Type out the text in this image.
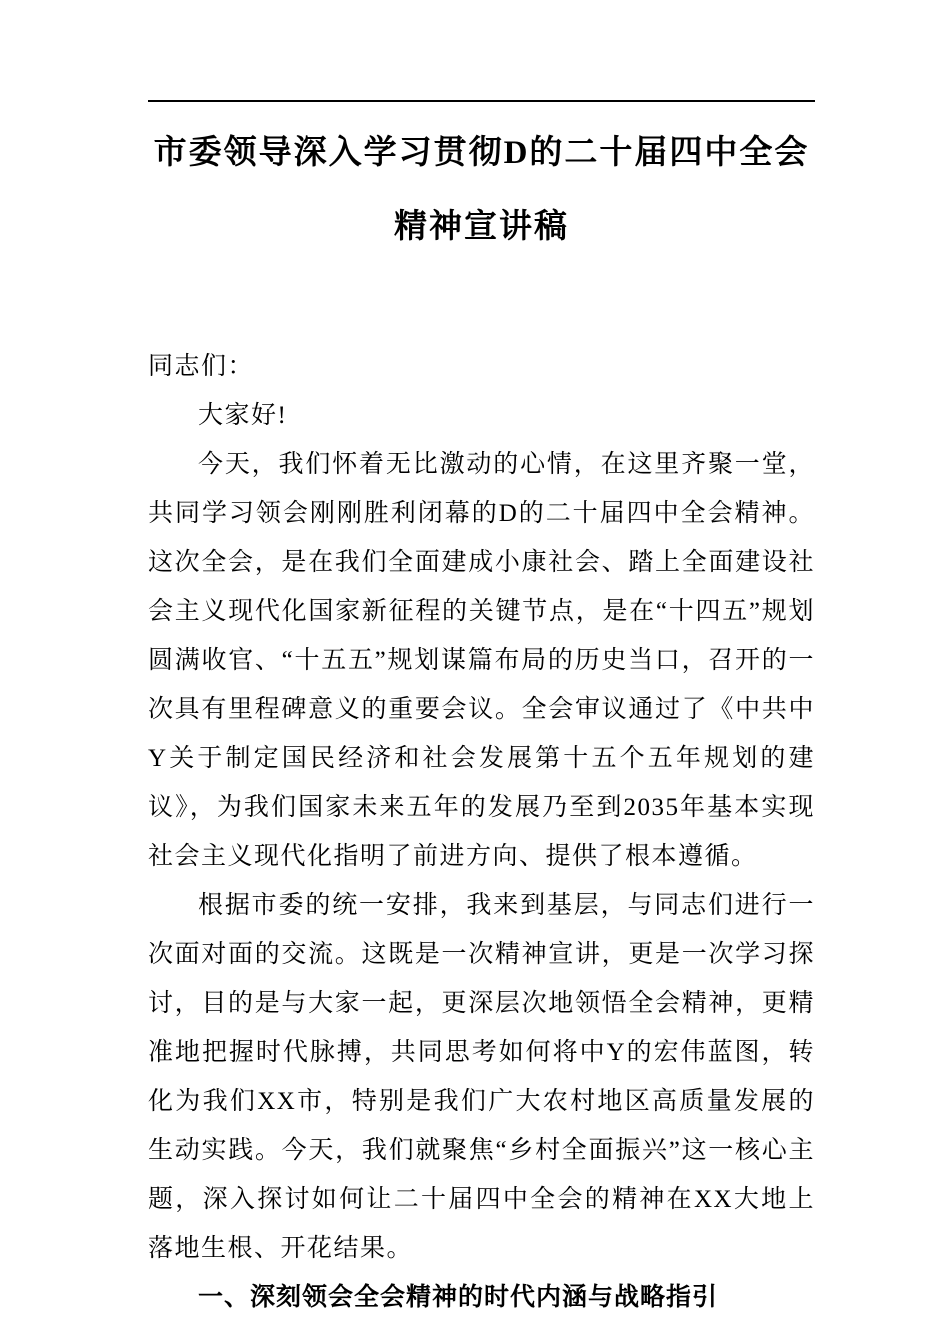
市委领导深入学习贯彻D的二十届四中全会精神宣讲稿

同志们：

大家好!

今天，我们怀着无比激动的心情，在这里齐聚一堂，共同学习领会刚刚胜利闭幕的D的二十届四中全会精神。这次全会，是在我们全面建成小康社会、踏上全面建设社会主义现代化国家新征程的关键节点，是在“十四五”规划圆满收官、“十五五”规划谋篇布局的历史当口，召开的一次具有里程碑意义的重要会议。全会审议通过了《中共中Y关于制定国民经济和社会发展第十五个五年规划的建议》，为我们国家未来五年的发展乃至到2035年基本实现社会主义现代化指明了前进方向、提供了根本遵循。

根据市委的统一安排，我来到基层，与同志们进行一次面对面的交流。这既是一次精神宣讲，更是一次学习探讨，目的是与大家一起，更深层次地领悟全会精神，更精准地把握时代脉搏，共同思考如何将中Y的宏伟蓝图，转化为我们XX市，特别是我们广大农村地区高质量发展的生动实践。今天，我们就聚焦“乡村全面振兴”这一核心主题，深入探讨如何让二十届四中全会的精神在XX大地上落地生根、开花结果。

一、深刻领会全会精神的时代内涵与战略指引
